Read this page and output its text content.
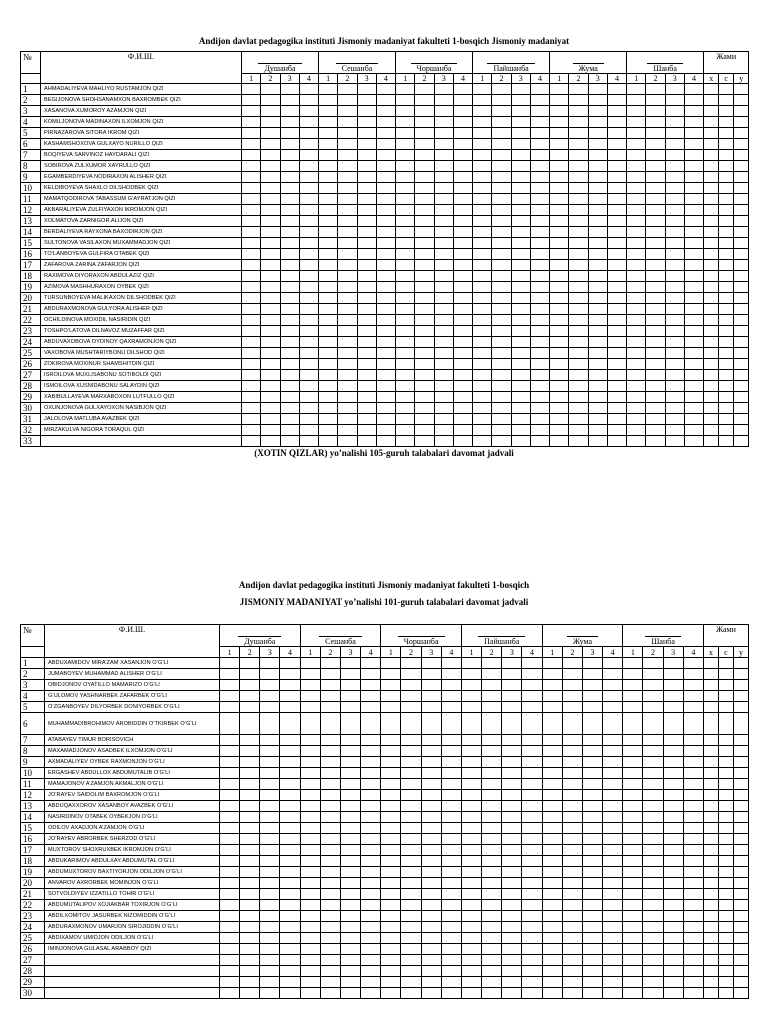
Andijon davlat pedagogika instituti Jismoniy madaniyat fakulteti 1-bosqich Jismoniy madaniyat
№	Ф.И.Ш.	Душанба				Сешанба				Чоршанба				Пайшанба				Жума				Шанба				Жами		

		1	2	3	4	1	2	3	4	1	2	3	4	1	2	3	4	1	2	3	4	1	2	3	4	x	c	y
1	AHMADALIYEVA MAHLIYO RUSTAMJON QIZI																											
2	BEGIJONOVA SHOHSANAMXON BAXROMBEK QIZI																											
3	XASANOVA XUMOROY AZAMJON QIZI																											
4	KOMILJONOVA MADINAXON ILXOMJON QIZI																											
5	PIRNAZAROVA SITORA IKROM QIZI																											
6	KASHAMSHOXOVA GULXAYO NURILLO QIZI																											
7	BOQIYEVA SARVINOZ HAYDARALI QIZI																											
8	SOBIROVA ZULXUMOR XAYRULLO QIZI																											
9	EGAMBERDIYEVA NODIRAXON ALISHER QIZI																											
10	KELDIBOYEVA SHAXLO DILSHODBEK QIZI																											
11	MAMATQODIROVA TABASSUM G’AYRATJON QIZI																											
12	AKBARALIYEVA ZULFIYAXON IKROMJON QIZI																											
13	XOLMATOVA ZARNIGOR ALIJON QIZI																											
14	BERDALIYEVA RAYXONA BAXODIRJON QIZI																											
15	SULTONOVA VASILAXON MUXAMMADJON QIZI																											
16	TO’LANBOYEVA GULFIRA OTABEK QIZI																											
17	ZAFAROVA ZARINA ZAFARJON QIZI																											
18	RAXIMOVA DIYORAXON ABDULAZIZ QIZI																											
19	AZIMOVA MASHHURAXON OYBEK QIZI																											
20	TURSUNBOYEVA MALIKAXON DILSHODBEK QIZI																											
21	ABDURAXMONOVA GULYORA ALISHER QIZI																											
22	OCHILDINOVA MOXIDIL NASIRIDIN QIZI																											
23	TOSHPO’LATOVA DILNAVOZ MUZAFFAR QIZI																											
24	ABDUVAXOBOVA OYDINOY QAXRAMONJON QIZI																											
25	VAXOBOVA MUSHTARIYBONU DILSHOD QIZI																											
26	ZOKIROVA MOXINUR SHAMSHITDIN QIZI																											
27	ISROILOVA MUXLISABONU SOTIBOLDI QIZI																											
28	ISMOILOVA XUSNIDABONU SALAYDIN QIZI																											
29	XABIBULLAYEVA MARXABOXON LUTFULLO QIZI																											
30	OXUNJONOVA GULXAYOXON NASIBJON QIZI																											
31	JALOLOVA MATLUBA AVAZBEK QIZI																											
32	MIRZAKULVA NIGORA TORAQUL QIZI																											
33																												
(XOTIN QIZLAR) yo’nalishi 105-guruh talabalari davomat jadvali
Andijon davlat pedagogika instituti Jismoniy madaniyat fakulteti 1-bosqich
JISMONIY MADANIYAT yo’nalishi 101-guruh talabalari davomat jadvali
№	Ф.И.Ш.	Душанба				Сешанба				Чоршанба				Пайшанба				Жума				Шанба				Жами		

		1	2	3	4	1	2	3	4	1	2	3	4	1	2	3	4	1	2	3	4	1	2	3	4	x	c	y
1	ABDUXAMIDOV MIRA’ZAM XASANJON O’G’LI																											
2	JUMABOYEV MUHAMMAD ALISHER O’G’LI																											
3	OBIDJONOV OYATILLO MAMARIZO O’G’LI																											
4	G’ULOMOV YASHNARBEK ZAFARBEK O’G’LI																											
5	O’ZGANBOYEV DILYORBEK DONIYORBEK O’G’LI																											
6	MUHAMMADIBROHIMOV AROBIDDIN O’TKIRBEK O’G’LI																											
7	ATABAYEV TIMUR BORISOVICH																											
8	MAXAMADJONOV ASADBEK ILXOMJON O’G’LI																											
9	AXMADALIYEV OYBEK RAXMONJON O’G’LI																											
10	ERGASHEV ABDULLOX ABDUMUTALIB O’G’LI																											
11	MAMAJONOV A’ZAMJON AKMALJON O’G’LI																											
12	JO’RAYEV SAIDOLIM BAXROMJON O’G’LI																											
13	ABDUQAXXOROV XASANBOY AVAZBEK O’G’LI																											
14	NASIRDINOV OTABEK OYBEKJON O’G’LI																											
15	ODILOV AXADJON A’ZAMJON O’G’LI																											
16	JO’RAYEV ABRORBEK SHERZOD O’G’LI																											
17	MUXTOROV SHOXRUXBEK IKROMJON O’G’LI																											
18	ABDUKARIMOV ABDULXAY ABDUMUTAL O’G’LI																											
19	ABDUMUXTOROV BAXTIYORJON ODILJON O’G’LI																											
20	ANVAROV AXRORBEK MOMINJON O’G’LI																											
21	SOTVOLDIYEV IZZATILLO TOHIR O’G’LI																											
22	ABDUMUTALIPOV XOJIAKBAR TOXIRJON O’G’LI																											
23	ABDILXOMITOV JASURBEK NIZOMIDDIN O’G’LI																											
24	ABDURAXMONOV UMARJON SIROJIDDIN O’G’LI																											
25	ABDIXAMOV UMIDJON ODILJON O’G’LI																											
26	IMINJONOVA GULASAL ARABBOY QIZI																											
27																												
28																												
29																												
30																												
